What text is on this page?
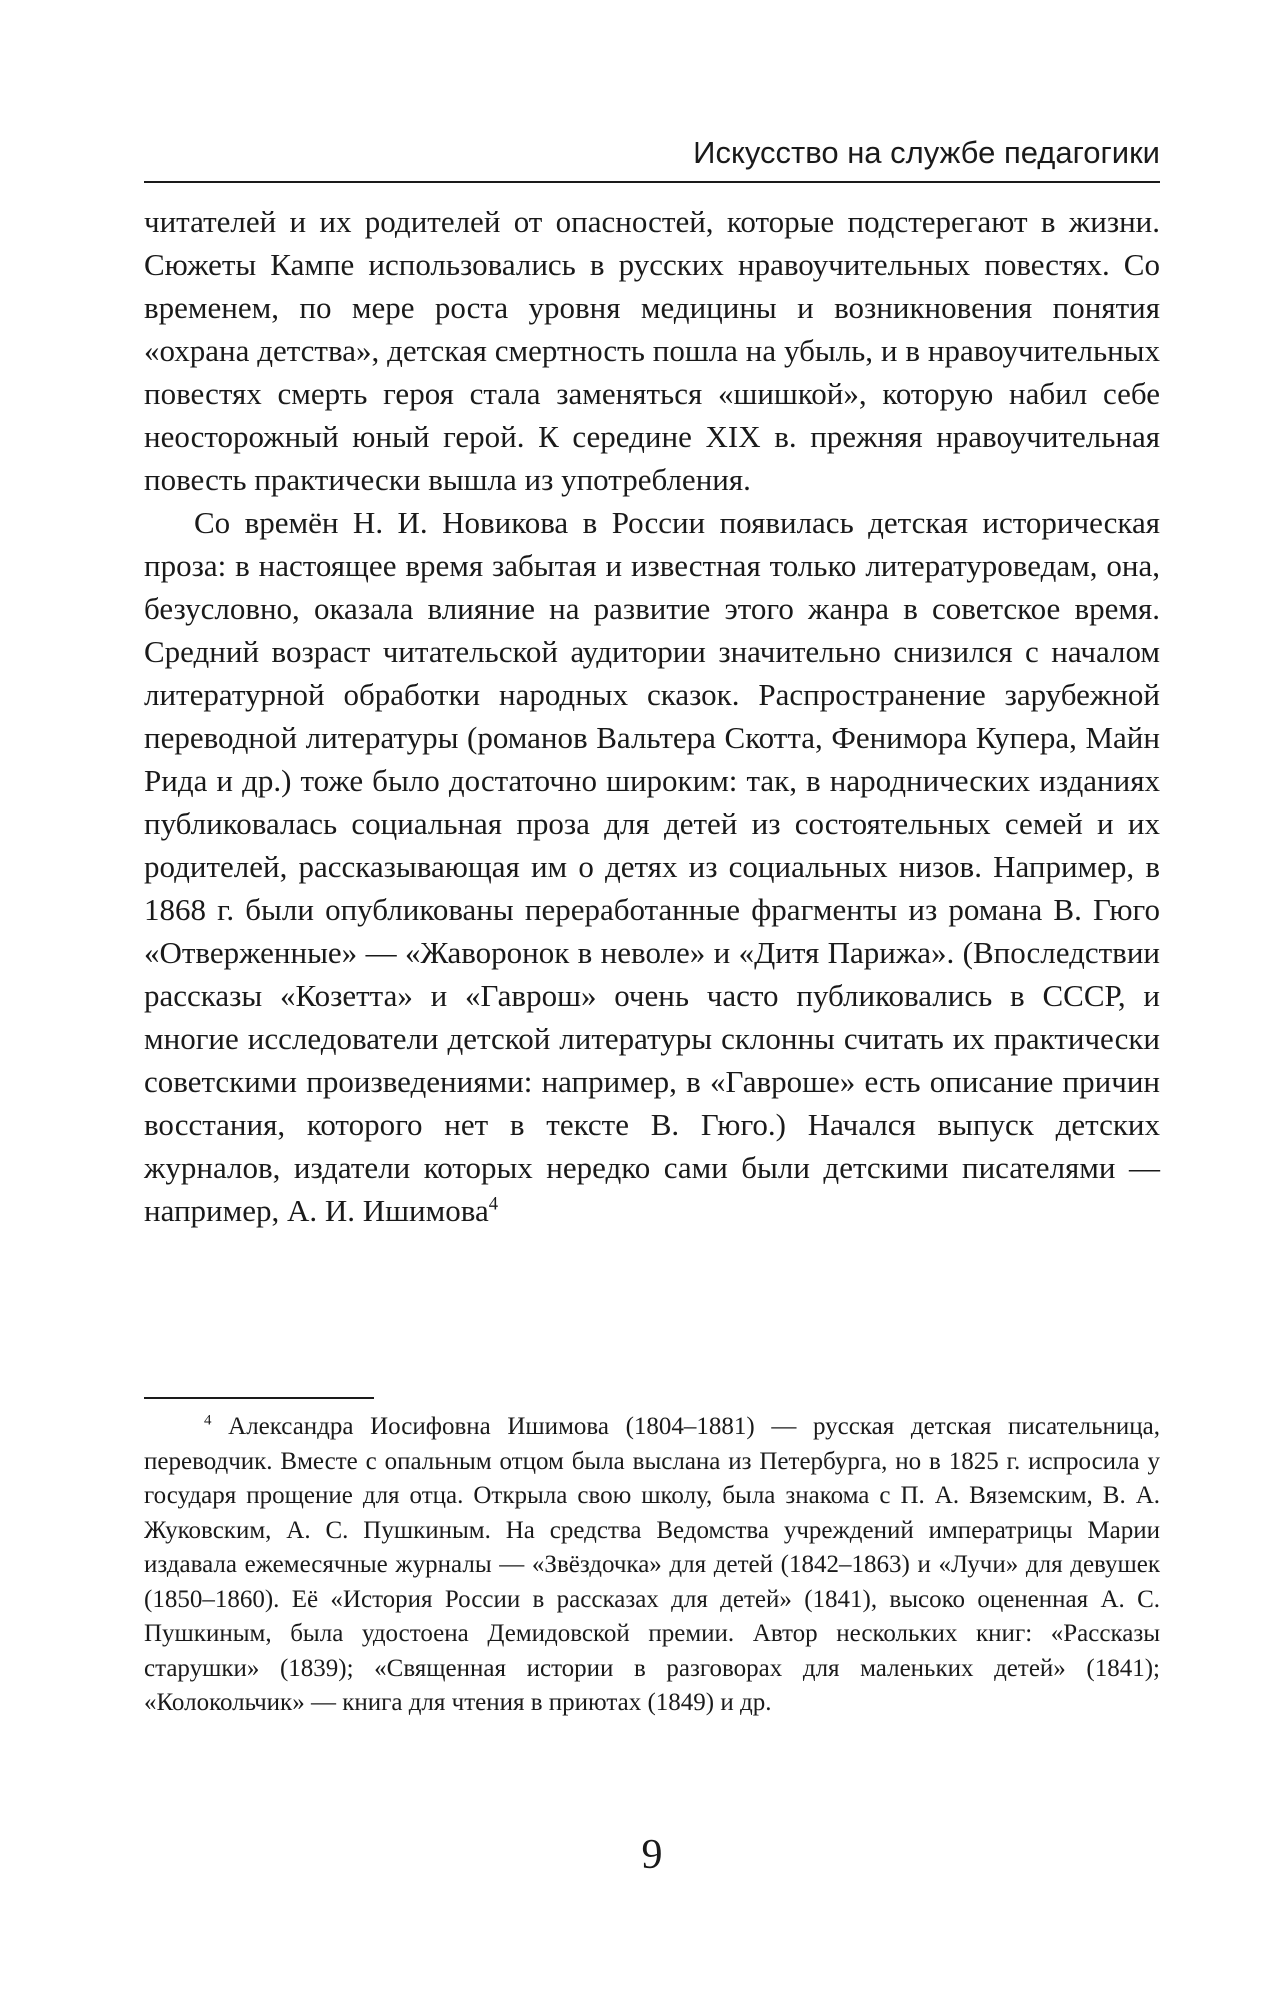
Искусство на службе педагогики

читателей и их родителей от опасностей, которые подстерегают в жизни. Сюжеты Кампе использовались в русских нравоучительных повестях. Со временем, по мере роста уровня медицины и возникновения понятия «охрана детства», детская смертность пошла на убыль, и в нравоучительных повестях смерть героя стала заменяться «шишкой», которую набил себе неосторожный юный герой. К середине XIX в. прежняя нравоучительная повесть практически вышла из употребления.

Со времён Н. И. Новикова в России появилась детская историческая проза: в настоящее время забытая и известная только литературоведам, она, безусловно, оказала влияние на развитие этого жанра в советское время. Средний возраст читательской аудитории значительно снизился с началом литературной обработки народных сказок. Распространение зарубежной переводной литературы (романов Вальтера Скотта, Фенимора Купера, Майн Рида и др.) тоже было достаточно широким: так, в народнических изданиях публиковалась социальная проза для детей из состоятельных семей и их родителей, рассказывающая им о детях из социальных низов. Например, в 1868 г. были опубликованы переработанные фрагменты из романа В. Гюго «Отверженные» — «Жаворонок в неволе» и «Дитя Парижа». (Впоследствии рассказы «Козетта» и «Гаврош» очень часто публиковались в СССР, и многие исследователи детской литературы склонны считать их практически советскими произведениями: например, в «Гавроше» есть описание причин восстания, которого нет в тексте В. Гюго.) Начался выпуск детских журналов, издатели которых нередко сами были детскими писателями — например, А. И. Ишимова$^4$

$^4$ Александра Иосифовна Ишимова (1804–1881) — русская детская писательница, переводчик. Вместе с опальным отцом была выслана из Петербурга, но в 1825 г. испросила у государя прощение для отца. Открыла свою школу, была знакома с П. А. Вяземским, В. А. Жуковским, А. С. Пушкиным. На средства Ведомства учреждений императрицы Марии издавала ежемесячные журналы — «Звёздочка» для детей (1842–1863) и «Лучи» для девушек (1850–1860). Её «История России в рассказах для детей» (1841), высоко оцененная А. С. Пушкиным, была удостоена Демидовской премии. Автор нескольких книг: «Рассказы старушки» (1839); «Священная истории в разговорах для маленьких детей» (1841); «Колокольчик» — книга для чтения в приютах (1849) и др.

9
